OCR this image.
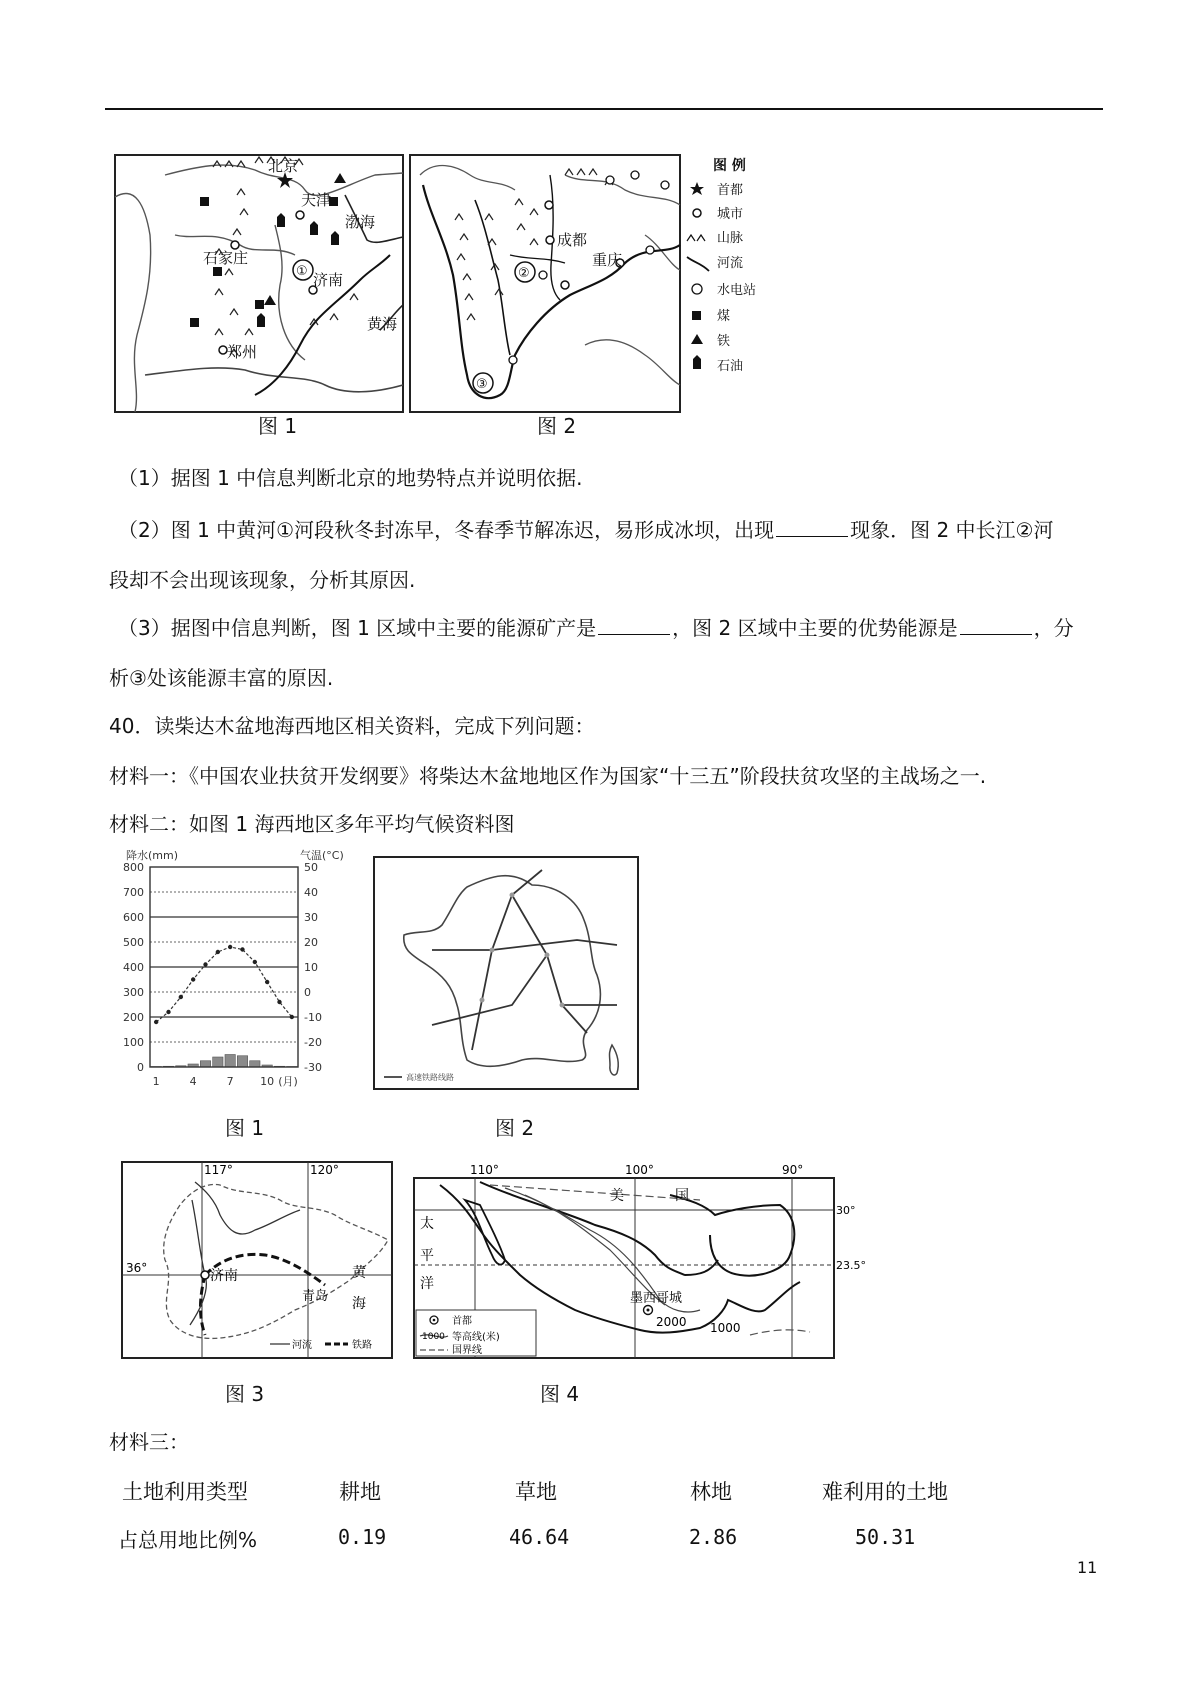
北京
天津
渤海
石家庄
济南
黄海
郑州
①
成都
重庆
②
③
图 例
首都
城市
山脉
河流
水电站
煤
铁
石油
图 1	图 2
（1）据图 1 中信息判断北京的地势特点并说明依据.
（2）图 1 中黄河①河段秋冬封冻早，冬春季节解冻迟，易形成冰坝，出现	现象．图 2 中长江②河
段却不会出现该现象，分析其原因.
（3）据图中信息判断，图 1 区域中主要的能源矿产是	，图 2 区域中主要的优势能源是	，分
析③处该能源丰富的原因.
40．读柴达木盆地海西地区相关资料，完成下列问题：
材料一：《中国农业扶贫开发纲要》将柴达木盆地地区作为国家“十三五”阶段扶贫攻坚的主战场之一.
材料二：如图 1 海西地区多年平均气候资料图
降水(mm)	气温(°C)
0
100
200
300
400
500
600
700
800
-30
-20
-10
0
10
20
30
40
50
1	4	7 10 (月)	高速铁路线路
图 1	图 2
117°	120°
36°	济南
青岛
黄
海
河流	铁路
110°	100°	90°
30°
23.5°
美	国
太
平
洋
墨西哥城
2000 1000
首都
1000 等高线(米)
国界线
图 3	图 4
材料三：
土地利用类型	耕地	草地	林地	难利用的土地
占总用地比例%	0.19	46.64	2.86	50.31
11
